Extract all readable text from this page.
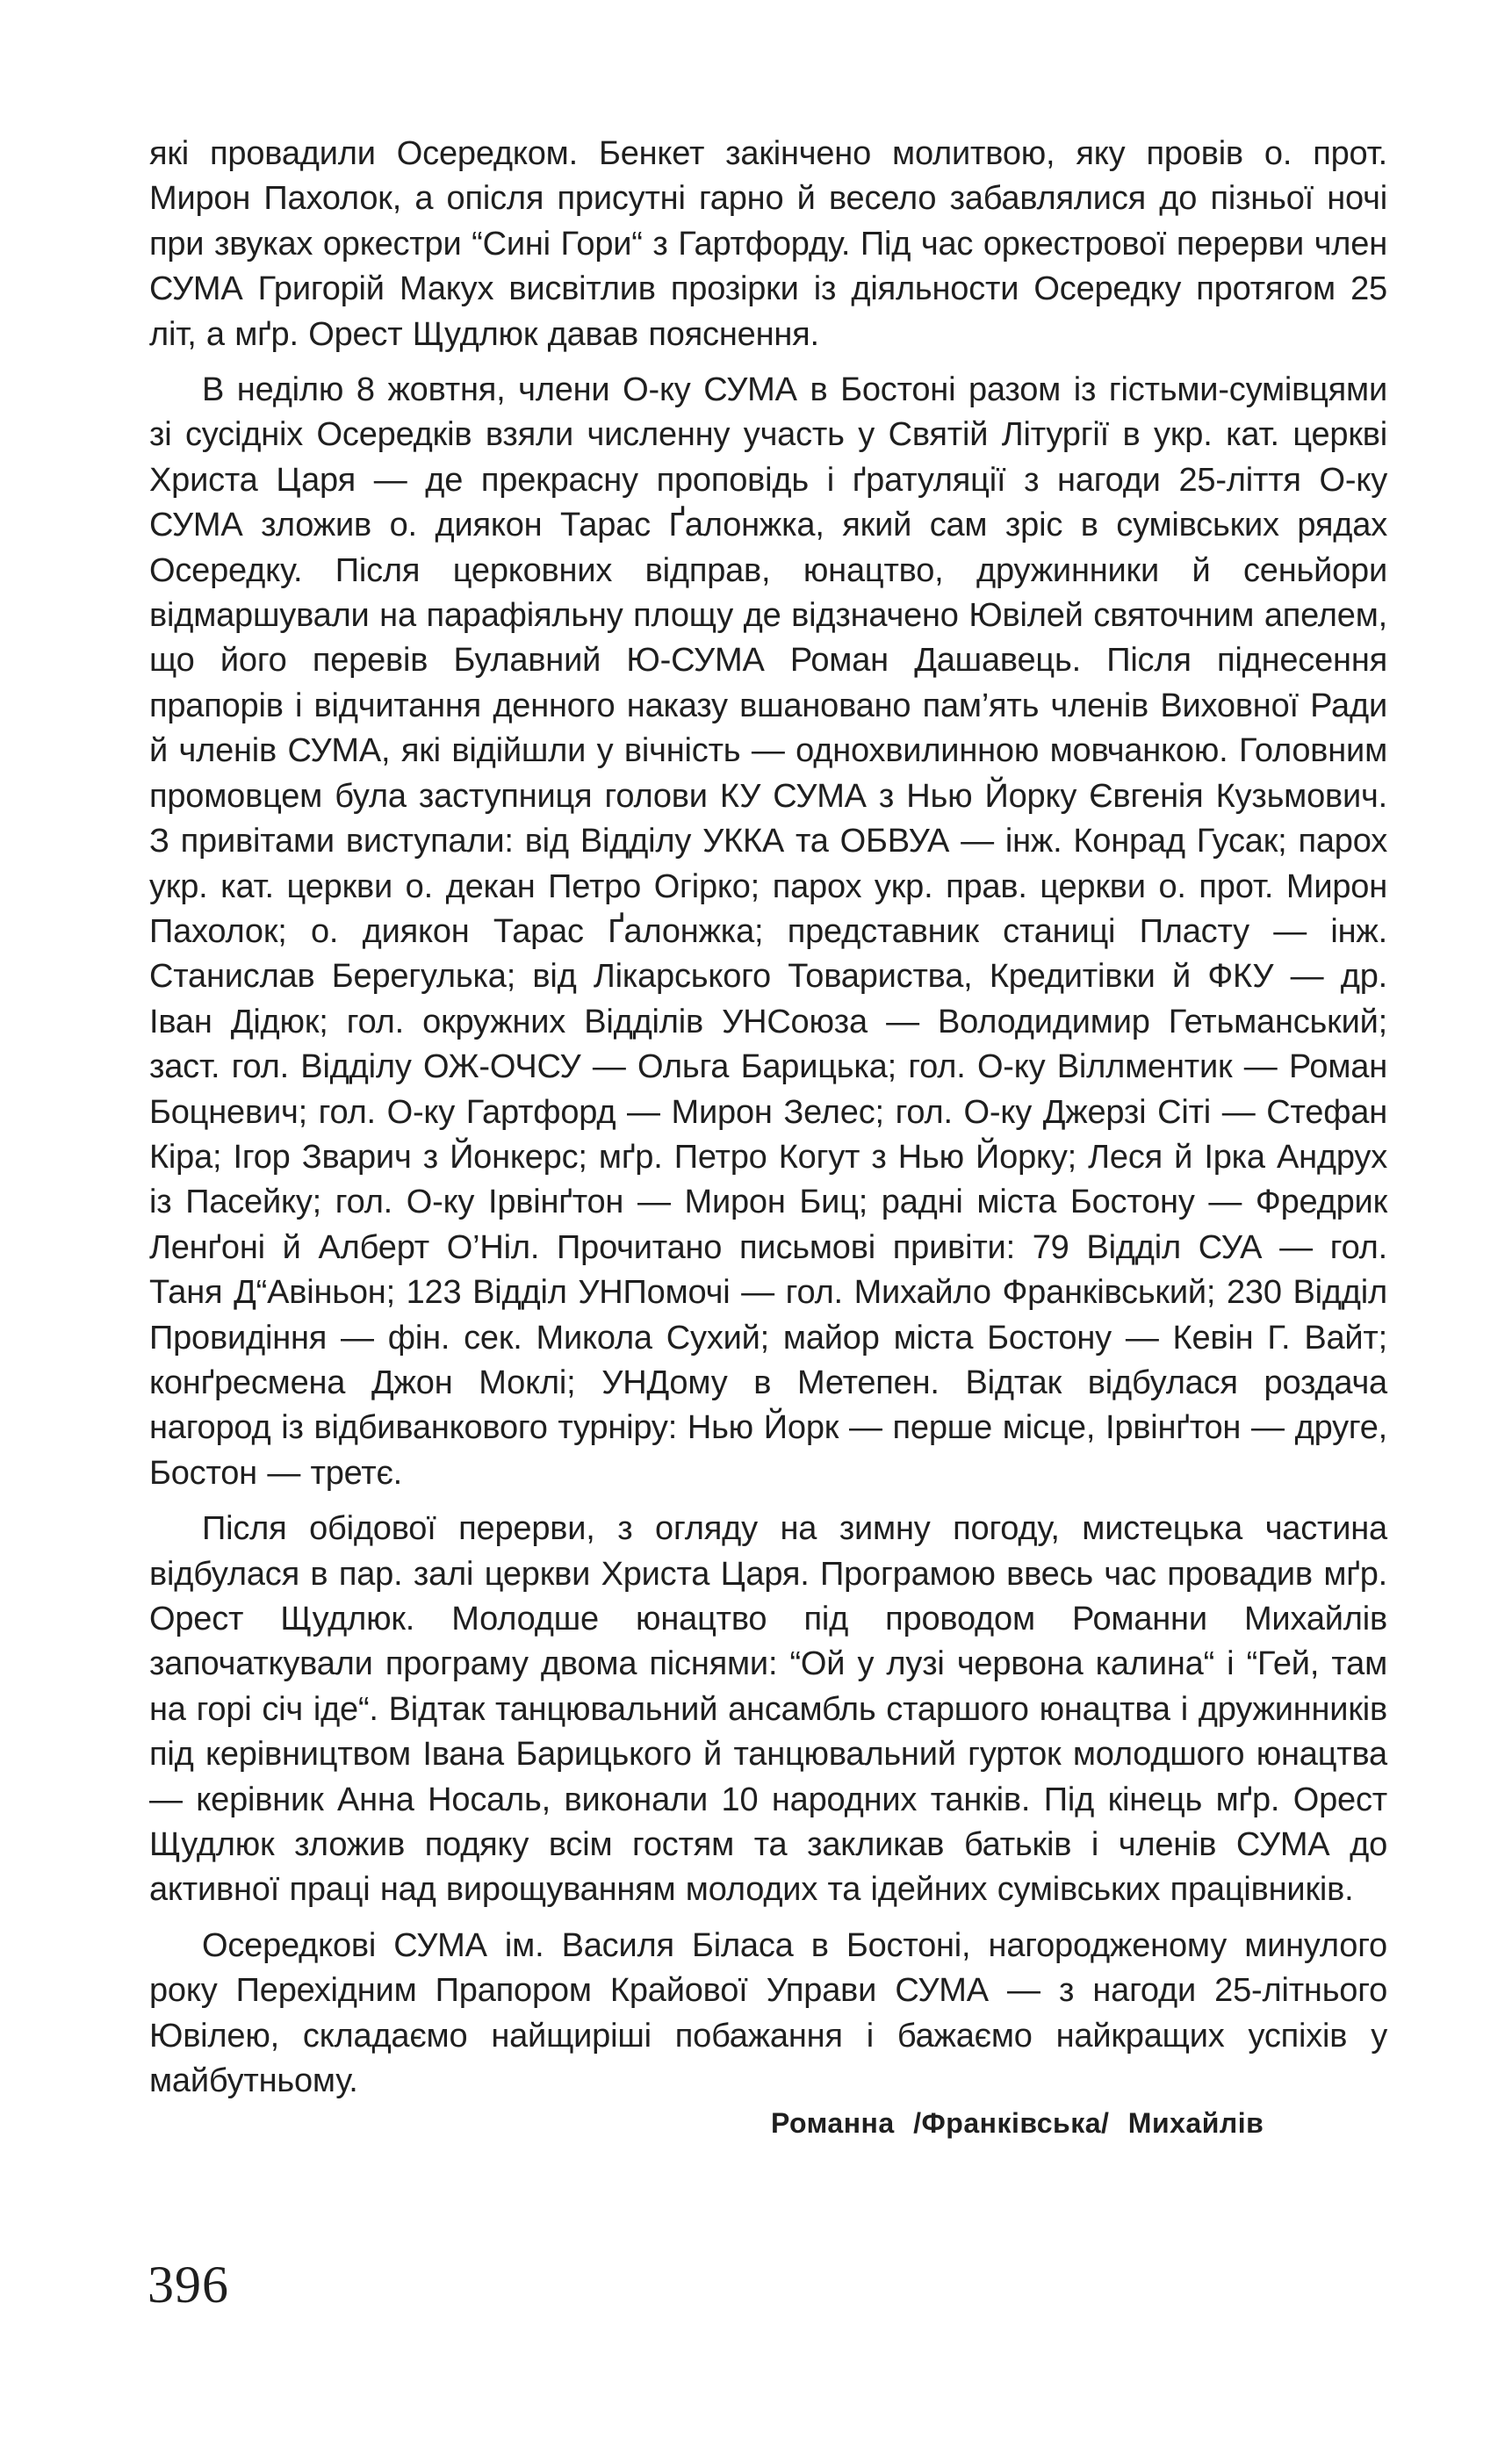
які провадили Осередком. Бенкет закінчено молитвою, яку провів о. прот. Мирон Пахолок, а опісля присутні гарно й весело забавлялися до пізньої ночі при звуках оркестри “Сині Гори“ з Гартфорду. Під час оркестрової перерви член СУМА Григорій Макух висвітлив прозірки із діяльности Осередку протягом 25 літ, а мґр. Орест Щудлюк давав пояснення.

В неділю 8 жовтня, члени О-ку СУМА в Бостоні разом із гістьми-сумівцями зі сусідніх Осередків взяли численну участь у Святій Літургії в укр. кат. церкві Христа Царя — де прекрасну проповідь і ґратуляції з нагоди 25-ліття О-ку СУМА зложив о. диякон Тарас Ґалонжка, який сам зріс в сумівських рядах Осередку. Після церковних відправ, юнацтво, дружинники й сеньйори відмаршували на парафіяльну площу де відзначено Ювілей святочним апелем, що його перевів Булавний Ю-СУМА Роман Дашавець. Після піднесення прапорів і відчитання денного наказу вшановано пам’ять членів Виховної Ради й членів СУМА, які відійшли у вічність — однохвилинною мовчанкою. Головним промовцем була заступниця голови КУ СУМА з Нью Йорку Євгенія Кузьмович. З привітами виступали: від Відділу УККА та ОБВУА — інж. Конрад Гусак; парох укр. кат. церкви о. декан Петро Огірко; парох укр. прав. церкви о. прот. Мирон Пахолок; о. диякон Тарас Ґалонжка; представник станиці Пласту — інж. Станислав Берегулька; від Лікарського Товариства, Кредитівки й ФКУ — др. Іван Дідюк; гол. окружних Відділів УНСоюза — Володидимир Гетьманський; заст. гол. Відділу ОЖ-ОЧСУ — Ольга Барицька; гол. О-ку Віллментик — Роман Боцневич; гол. О-ку Гартфорд — Мирон Зелес; гол. О-ку Джерзі Сіті — Стефан Кіра; Ігор Зварич з Йонкерс; мґр. Петро Когут з Нью Йорку; Леся й Ірка Андрух із Пасейку; гол. О-ку Ірвінґтон — Мирон Биц; радні міста Бостону — Фредрик Ленґоні й Алберт О’Ніл. Прочитано письмові привіти: 79 Відділ СУА — гол. Таня Д“Авіньон; 123 Відділ УНПомочі — гол. Михайло Франківський; 230 Відділ Провидіння — фін. сек. Микола Сухий; майор міста Бостону — Кевін Г. Вайт; конґресмена Джон Моклі; УНДому в Метепен. Відтак відбулася роздача нагород із відбиванкового турніру: Нью Йорк — перше місце, Ірвінґтон — друге, Бостон — третє.

Після обідової перерви, з огляду на зимну погоду, мистецька частина відбулася в пар. залі церкви Христа Царя. Програмою ввесь час провадив мґр. Орест Щудлюк. Молодше юнацтво під проводом Романни Михайлів започаткували програму двома піснями: “Ой у лузі червона калина“ і “Гей, там на горі січ іде“. Відтак танцювальний ансамбль старшого юнацтва і дружинників під керівництвом Івана Барицького й танцювальний гурток молодшого юнацтва — керівник Анна Носаль, виконали 10 народних танків. Під кінець мґр. Орест Щудлюк зложив подяку всім гостям та закликав батьків і членів СУМА до активної праці над вирощуванням молодих та ідейних сумівських працівників.

Осередкові СУМА ім. Василя Біласа в Бостоні, нагородженому минулого року Перехідним Прапором Крайової Управи СУМА — з нагоди 25-літнього Ювілею, складаємо найщиріші побажання і бажаємо найкращих успіхів у майбутньому.

Романна /Франківська/ Михайлів
396
